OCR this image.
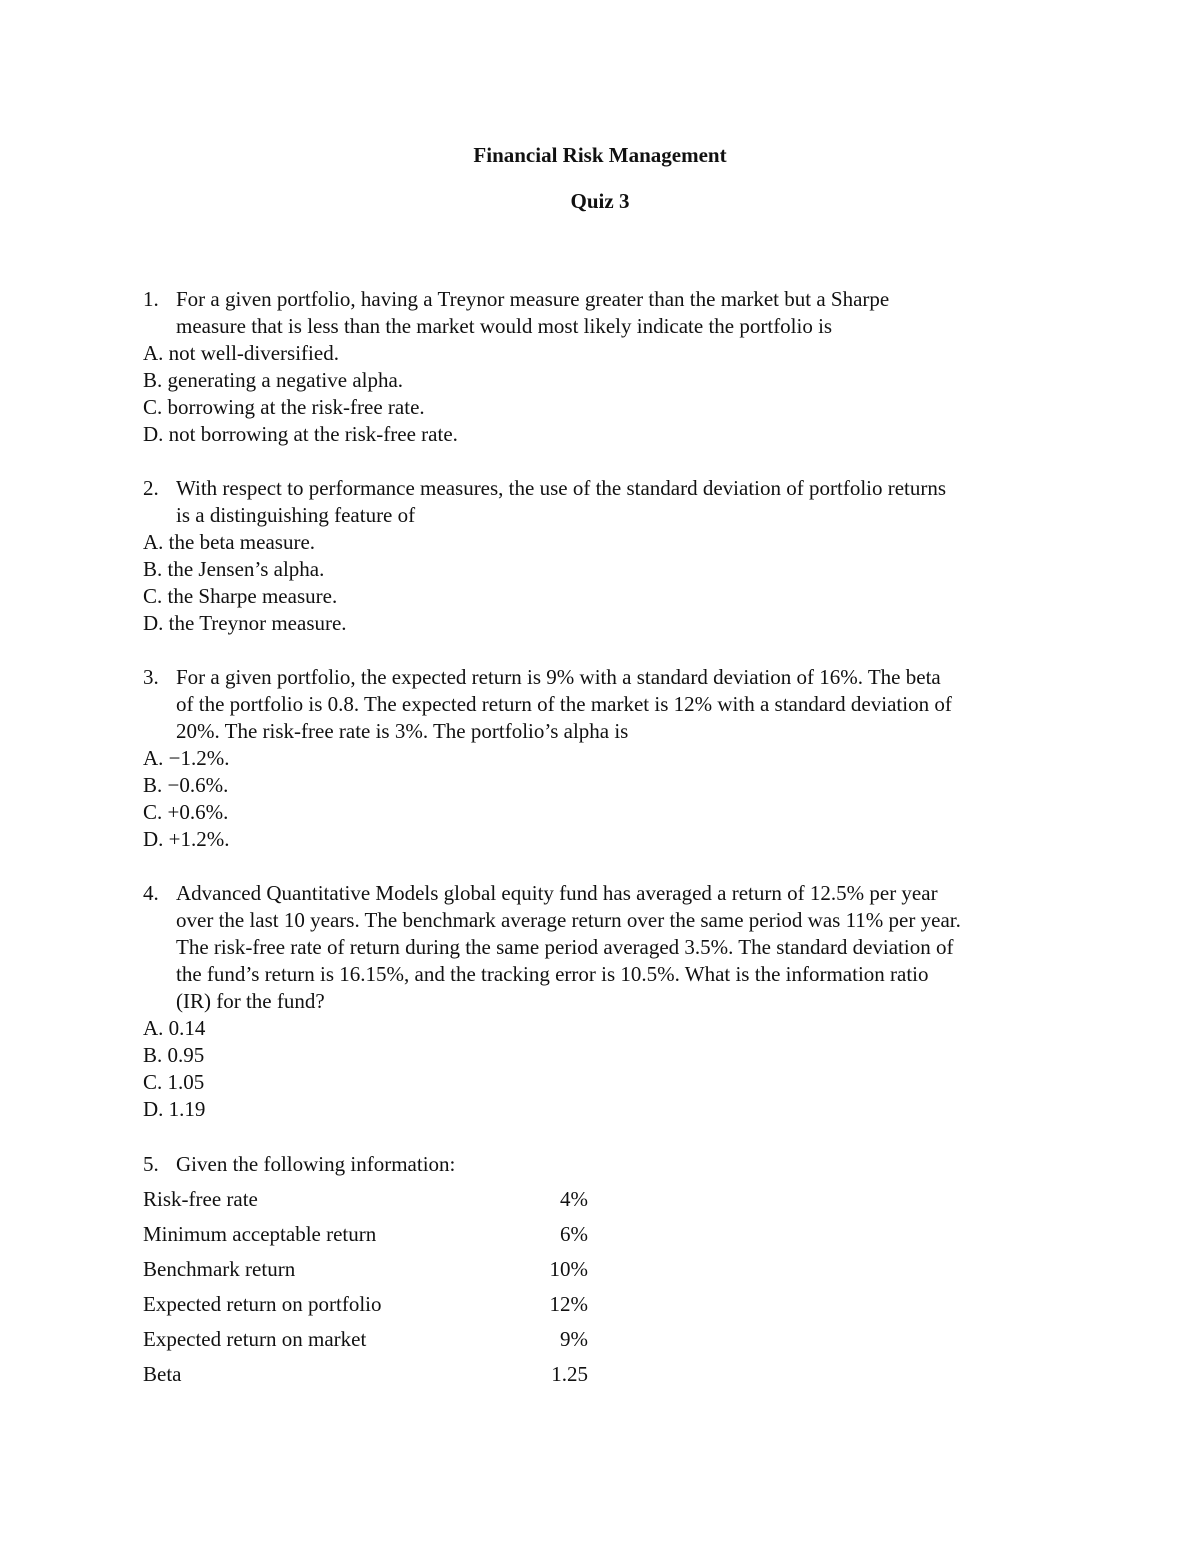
Financial Risk Management
Quiz 3
1. For a given portfolio, having a Treynor measure greater than the market but a Sharpe
measure that is less than the market would most likely indicate the portfolio is
A. not well-diversified.
B. generating a negative alpha.
C. borrowing at the risk-free rate.
D. not borrowing at the risk-free rate.
2. With respect to performance measures, the use of the standard deviation of portfolio returns
is a distinguishing feature of
A. the beta measure.
B. the Jensen’s alpha.
C. the Sharpe measure.
D. the Treynor measure.
3. For a given portfolio, the expected return is 9% with a standard deviation of 16%. The beta
of the portfolio is 0.8. The expected return of the market is 12% with a standard deviation of
20%. The risk-free rate is 3%. The portfolio’s alpha is
A. −1.2%.
B. −0.6%.
C. +0.6%.
D. +1.2%.
4. Advanced Quantitative Models global equity fund has averaged a return of 12.5% per year
over the last 10 years. The benchmark average return over the same period was 11% per year.
The risk-free rate of return during the same period averaged 3.5%. The standard deviation of
the fund’s return is 16.15%, and the tracking error is 10.5%. What is the information ratio
(IR) for the fund?
A. 0.14
B. 0.95
C. 1.05
D. 1.19
5. Given the following information:
Risk-free rate	4%
Minimum acceptable return	6%
Benchmark return	10%
Expected return on portfolio	12%
Expected return on market	9%
Beta	1.25
